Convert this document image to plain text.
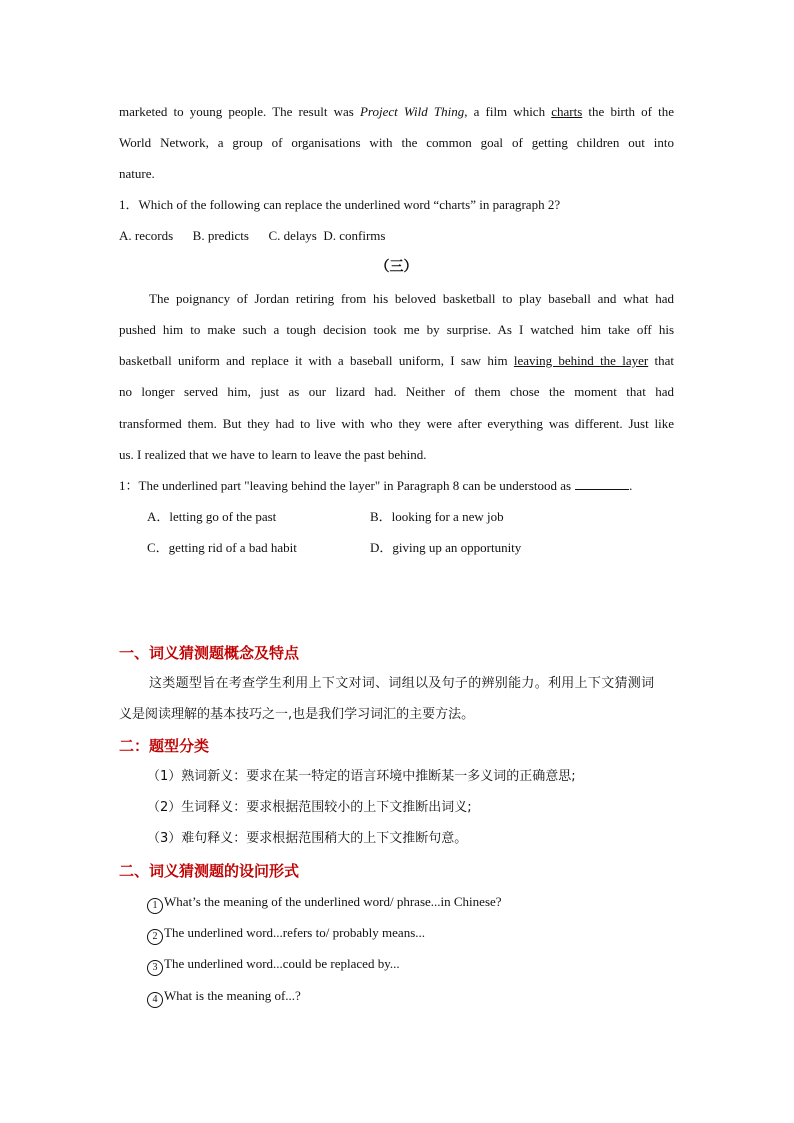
marketed to young people. The result was Project Wild Thing, a film which charts the birth of the
World Network, a group of organisations with the common goal of getting children out into
nature.
1．Which of the following can replace the underlined word “charts” in paragraph 2?
A. records      B. predicts      C. delays  D. confirms
（三）
The poignancy of Jordan retiring from his beloved basketball to play baseball and what had
pushed him to make such a tough decision took me by surprise. As I watched him take off his
basketball uniform and replace it with a baseball uniform, I saw him leaving behind the layer that
no longer served him, just as our lizard had. Neither of them chose the moment that had
transformed them. But they had to live with who they were after everything was different. Just like
us. I realized that we have to learn to leave the past behind.
1：The underlined part "leaving behind the layer" in Paragraph 8 can be understood as	.
A．letting go of the past	B．looking for a new job
C．getting rid of a bad habit	D．giving up an opportunity
一、词义猜测题概念及特点
这类题型旨在考查学生利用上下文对词、词组以及句子的辨别能力。利用上下文猜测词
义是阅读理解的基本技巧之一,也是我们学习词汇的主要方法。
二：题型分类
（1）熟词新义：要求在某一特定的语言环境中推断某一多义词的正确意思;
（2）生词释义：要求根据范围较小的上下文推断出词义;
（3）难句释义：要求根据范围稍大的上下文推断句意。
二、词义猜测题的设问形式
1 What’s the meaning of the underlined word/ phrase...in Chinese?
2 The underlined word...refers to/ probably means...
3 The underlined word...could be replaced by...
4 What is the meaning of...?
